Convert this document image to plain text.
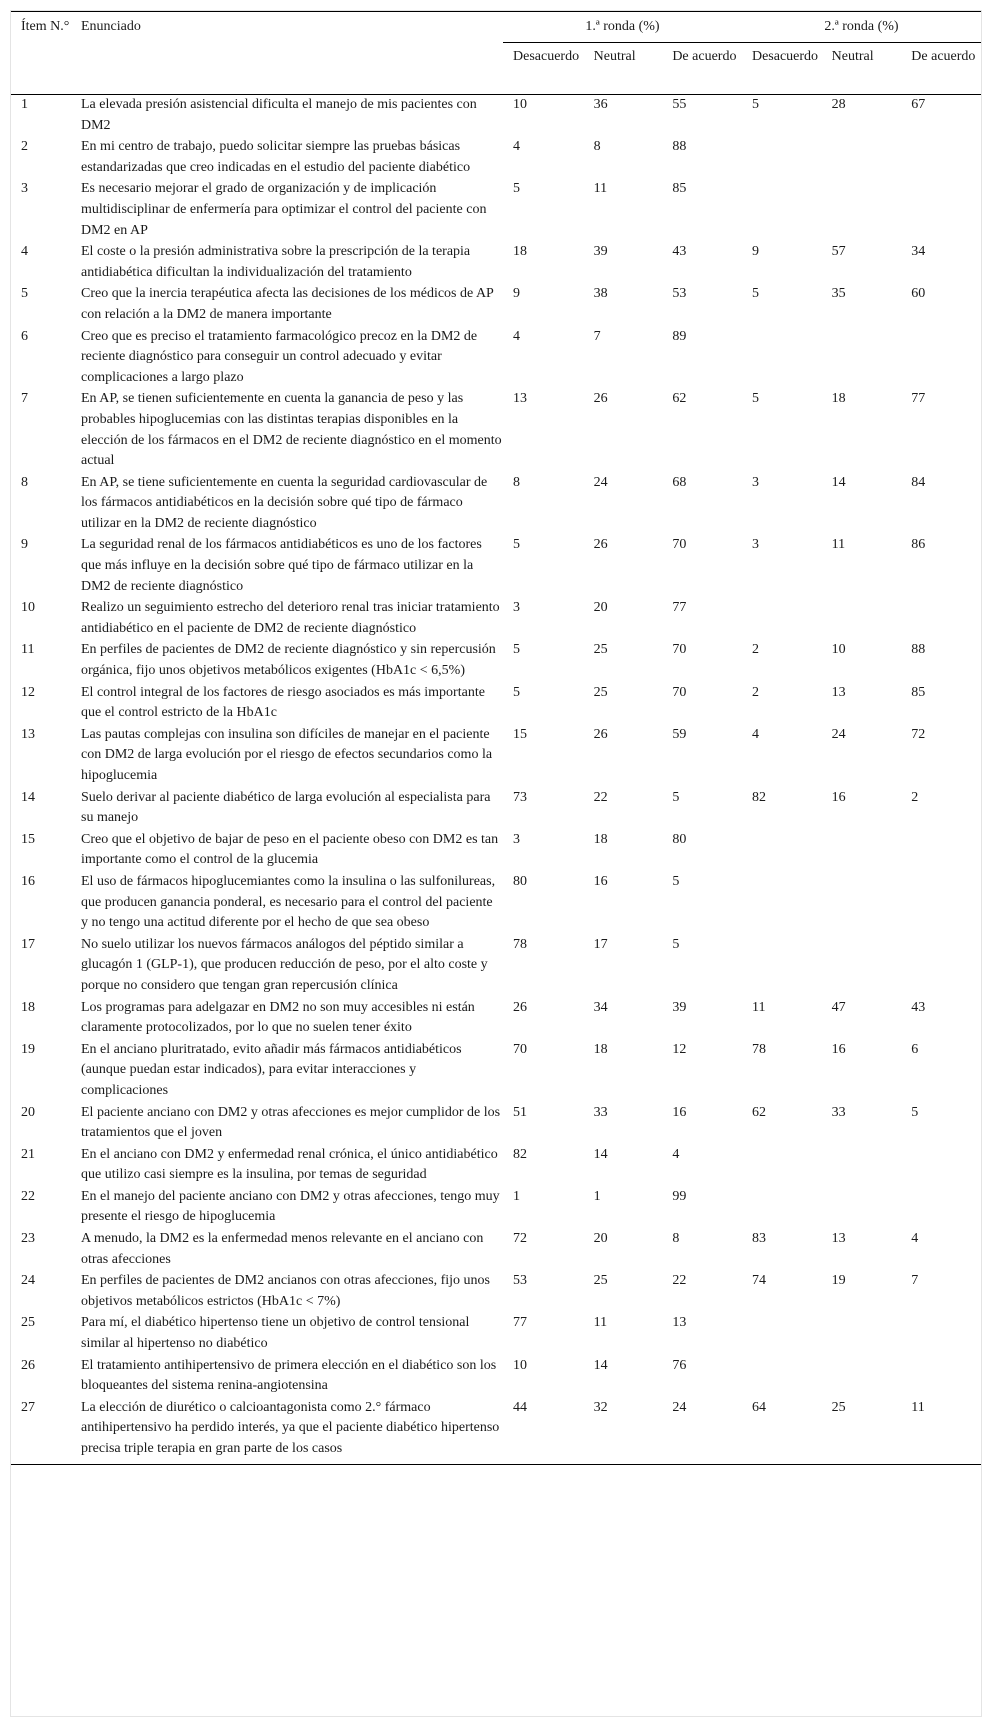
		1.ª ronda (%)			2.ª ronda (%)		
Ítem N.°	Enunciado	Desacuerdo	Neutral	De acuerdo	Desacuerdo	Neutral	De acuerdo
1	La elevada presión asistencial dificulta el manejo de mis pacientes con DM2	10	36	55	5	28	67
2	En mi centro de trabajo, puedo solicitar siempre las pruebas básicas estandarizadas que creo indicadas en el estudio del paciente diabético	4	8	88			
3	Es necesario mejorar el grado de organización y de implicación multidisciplinar de enfermería para optimizar el control del paciente con DM2 en AP	5	11	85			
4	El coste o la presión administrativa sobre la prescripción de la terapia antidiabética dificultan la individualización del tratamiento	18	39	43	9	57	34
5	Creo que la inercia terapéutica afecta las decisiones de los médicos de AP con relación a la DM2 de manera importante	9	38	53	5	35	60
6	Creo que es preciso el tratamiento farmacológico precoz en la DM2 de reciente diagnóstico para conseguir un control adecuado y evitar complicaciones a largo plazo	4	7	89			
7	En AP, se tienen suficientemente en cuenta la ganancia de peso y las probables hipoglucemias con las distintas terapias disponibles en la elección de los fármacos en el DM2 de reciente diagnóstico en el momento actual	13	26	62	5	18	77
8	En AP, se tiene suficientemente en cuenta la seguridad cardiovascular de los fármacos antidiabéticos en la decisión sobre qué tipo de fármaco utilizar en la DM2 de reciente diagnóstico	8	24	68	3	14	84
9	La seguridad renal de los fármacos antidiabéticos es uno de los factores que más influye en la decisión sobre qué tipo de fármaco utilizar en la DM2 de reciente diagnóstico	5	26	70	3	11	86
10	Realizo un seguimiento estrecho del deterioro renal tras iniciar tratamiento antidiabético en el paciente de DM2 de reciente diagnóstico	3	20	77			
11	En perfiles de pacientes de DM2 de reciente diagnóstico y sin repercusión orgánica, fijo unos objetivos metabólicos exigentes (HbA1c < 6,5%)	5	25	70	2	10	88
12	El control integral de los factores de riesgo asociados es más importante que el control estricto de la HbA1c	5	25	70	2	13	85
13	Las pautas complejas con insulina son difíciles de manejar en el paciente con DM2 de larga evolución por el riesgo de efectos secundarios como la hipoglucemia	15	26	59	4	24	72
14	Suelo derivar al paciente diabético de larga evolución al especialista para su manejo	73	22	5	82	16	2
15	Creo que el objetivo de bajar de peso en el paciente obeso con DM2 es tan importante como el control de la glucemia	3	18	80			
16	El uso de fármacos hipoglucemiantes como la insulina o las sulfonilureas, que producen ganancia ponderal, es necesario para el control del paciente y no tengo una actitud diferente por el hecho de que sea obeso	80	16	5			
17	No suelo utilizar los nuevos fármacos análogos del péptido similar a glucagón 1 (GLP-1), que producen reducción de peso, por el alto coste y porque no considero que tengan gran repercusión clínica	78	17	5			
18	Los programas para adelgazar en DM2 no son muy accesibles ni están claramente protocolizados, por lo que no suelen tener éxito	26	34	39	11	47	43
19	En el anciano pluritratado, evito añadir más fármacos antidiabéticos (aunque puedan estar indicados), para evitar interacciones y complicaciones	70	18	12	78	16	6
20	El paciente anciano con DM2 y otras afecciones es mejor cumplidor de los tratamientos que el joven	51	33	16	62	33	5
21	En el anciano con DM2 y enfermedad renal crónica, el único antidiabético que utilizo casi siempre es la insulina, por temas de seguridad	82	14	4			
22	En el manejo del paciente anciano con DM2 y otras afecciones, tengo muy presente el riesgo de hipoglucemia	1	1	99			
23	A menudo, la DM2 es la enfermedad menos relevante en el anciano con otras afecciones	72	20	8	83	13	4
24	En perfiles de pacientes de DM2 ancianos con otras afecciones, fijo unos objetivos metabólicos estrictos (HbA1c < 7%)	53	25	22	74	19	7
25	Para mí, el diabético hipertenso tiene un objetivo de control tensional similar al hipertenso no diabético	77	11	13			
26	El tratamiento antihipertensivo de primera elección en el diabético son los bloqueantes del sistema renina-angiotensina	10	14	76			
27	La elección de diurético o calcioantagonista como 2.° fármaco antihipertensivo ha perdido interés, ya que el paciente diabético hipertenso precisa triple terapia en gran parte de los casos	44	32	24	64	25	11
